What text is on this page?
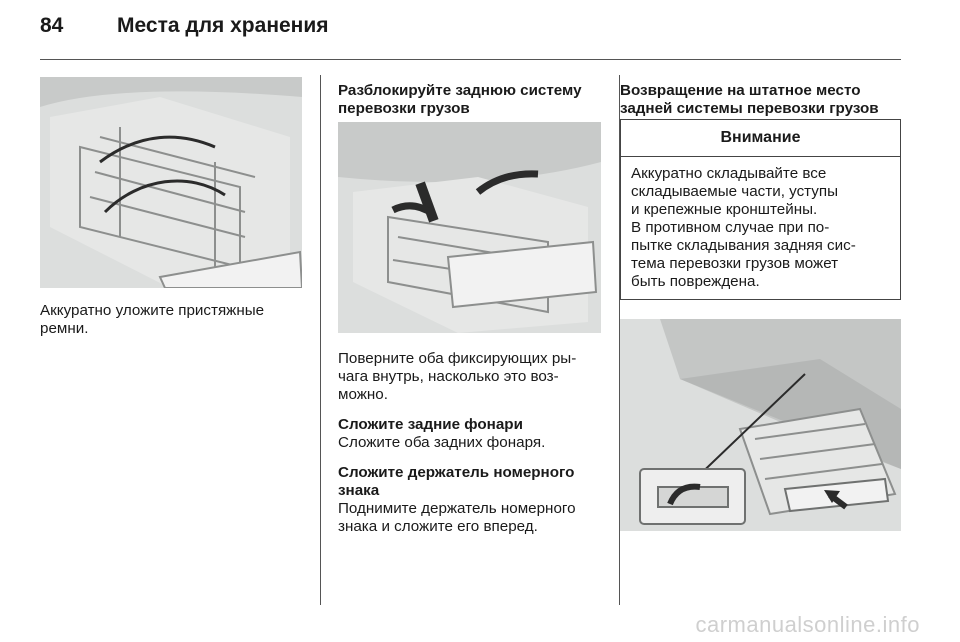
84	Места для хранения

Аккуратно уложите пристяжные
ремни.

Разблокируйте заднюю систему
перевозки грузов

Поверните оба фиксирующих ры-
чага внутрь, насколько это воз-
можно.

Сложите задние фонари

Сложите оба задних фонаря.

Сложите держатель номерного
знака

Поднимите держатель номерного
знака и сложите его вперед.

Возвращение на штатное место
задней системы перевозки грузов
Внимание
Аккуратно складывайте все
складываемые части, уступы
и крепежные кронштейны.
В противном случае при по-
пытке складывания задняя сис-
тема перевозки грузов может
быть повреждена.
carmanualsonline.info
